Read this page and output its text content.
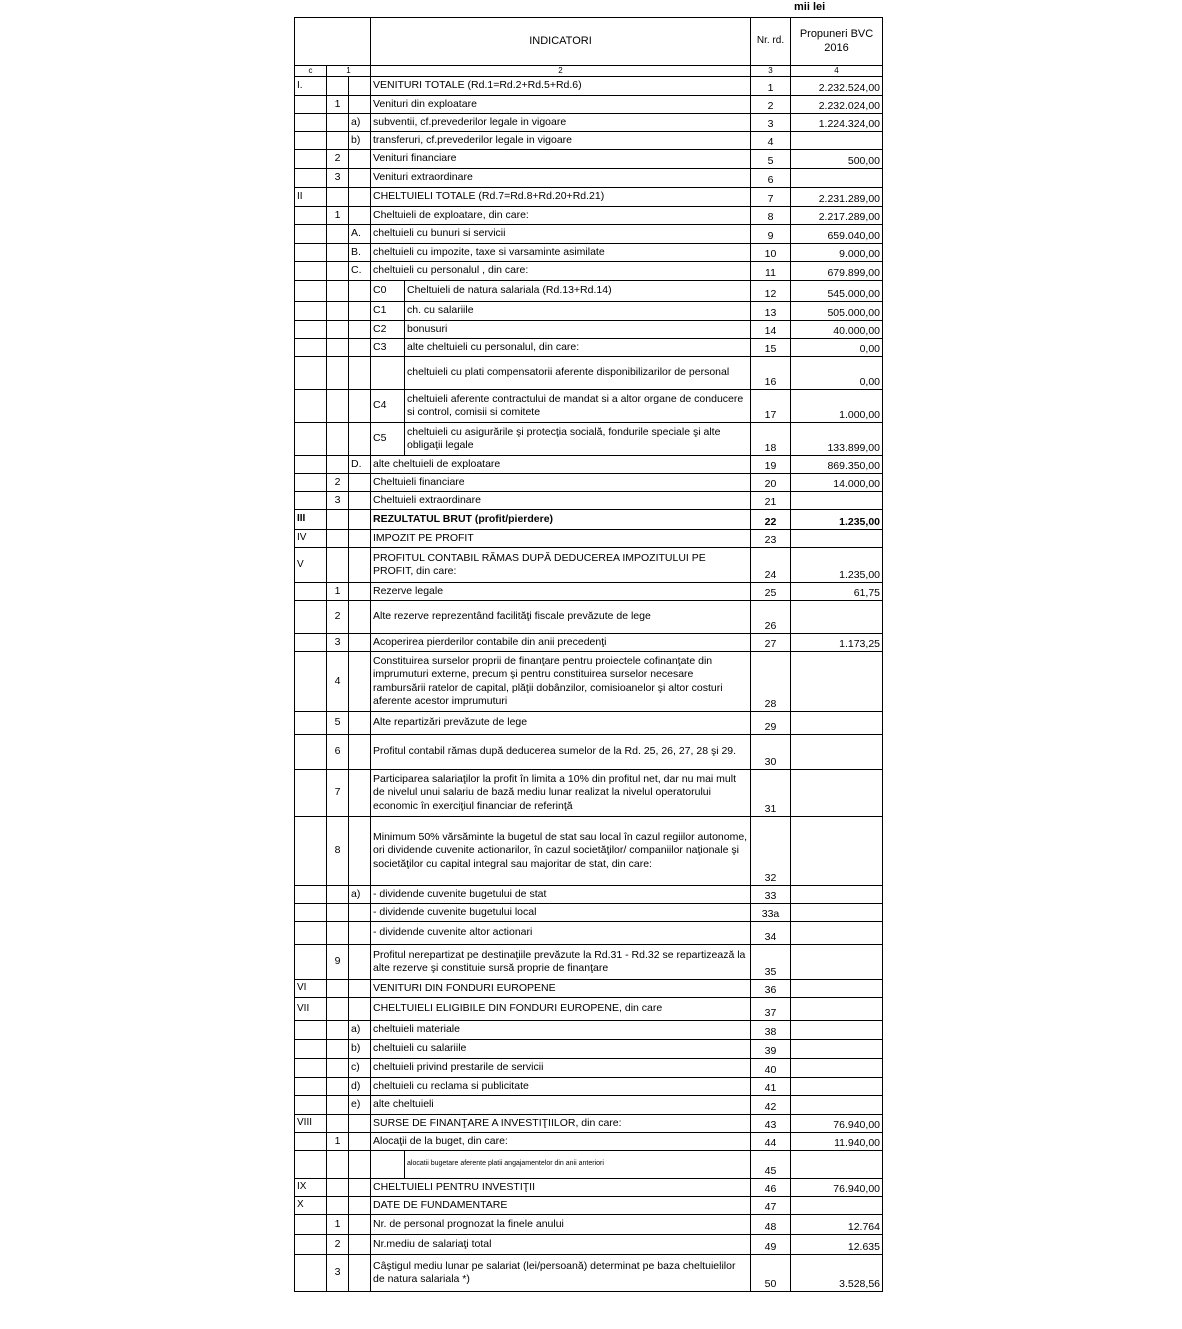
mii lei
			INDICATORI		Nr. rd.	Propuneri BVC 2016
c	1		2		3	4
I.			VENITURI TOTALE (Rd.1=Rd.2+Rd.5+Rd.6)		1	2.232.524,00
	1		Venituri din exploatare		2	2.232.024,00
		a)	subventii, cf.prevederilor legale in vigoare		3	1.224.324,00
		b)	transferuri, cf.prevederilor legale in vigoare		4	
	2		Venituri financiare		5	500,00
	3		Venituri extraordinare		6	
II			CHELTUIELI TOTALE (Rd.7=Rd.8+Rd.20+Rd.21)		7	2.231.289,00
	1		Cheltuieli de exploatare, din care:		8	2.217.289,00
		A.	cheltuieli cu bunuri si servicii		9	659.040,00
		B.	cheltuieli cu impozite, taxe si varsaminte asimilate		10	9.000,00
		C.	cheltuieli cu personalul , din care:		11	679.899,00
			C0	Cheltuieli de natura salariala (Rd.13+Rd.14)	12	545.000,00
			C1	ch. cu salariile	13	505.000,00
			C2	bonusuri	14	40.000,00
			C3	alte cheltuieli cu personalul, din care:	15	0,00
				cheltuieli cu plati compensatorii aferente disponibilizarilor de personal	16	0,00
			C4	cheltuieli aferente contractului de mandat si a altor organe de conducere si control, comisii si comitete	17	1.000,00
			C5	cheltuieli cu asigurările şi protecţia socială, fondurile speciale şi alte obligaţii legale	18	133.899,00
		D.	alte cheltuieli de exploatare		19	869.350,00
	2		Cheltuieli financiare		20	14.000,00
	3		Cheltuieli extraordinare		21	
III			REZULTATUL BRUT (profit/pierdere)		22	1.235,00
IV			IMPOZIT PE PROFIT		23	
V			PROFITUL CONTABIL RĂMAS DUPĂ DEDUCEREA IMPOZITULUI PE PROFIT, din care:		24	1.235,00
	1		Rezerve legale		25	61,75
	2		Alte rezerve reprezentând facilităţi fiscale prevăzute de lege		26	
	3		Acoperirea pierderilor contabile din anii precedenţi		27	1.173,25
	4		Constituirea surselor proprii de finanţare pentru proiectele cofinanţate din imprumuturi externe, precum şi pentru constituirea surselor necesare rambursării ratelor de capital, plăţii dobânzilor, comisioanelor şi altor costuri aferente acestor imprumuturi		28	
	5		Alte repartizări prevăzute de lege		29	
	6		Profitul contabil rămas după deducerea sumelor de la Rd. 25, 26, 27, 28 şi 29.		30	
	7		Participarea salariaţilor la profit în limita a 10% din profitul net, dar nu mai mult de nivelul unui salariu de bază mediu lunar realizat la nivelul operatorului economic în exerciţiul financiar de referinţă		31	
	8		Minimum 50% vărsăminte la bugetul de stat sau local în cazul regiilor autonome, ori dividende cuvenite actionarilor, în cazul societăţilor/ companiilor naţionale şi societăţilor cu capital integral sau majoritar de stat, din care:		32	
		a)	- dividende cuvenite bugetului de stat		33	
			- dividende cuvenite bugetului local		33a	
			- dividende cuvenite altor actionari		34	
	9		Profitul nerepartizat pe destinaţiile prevăzute la Rd.31 - Rd.32 se repartizează la alte rezerve şi constituie sursă proprie de finanţare		35	
VI			VENITURI DIN FONDURI EUROPENE		36	
VII			CHELTUIELI ELIGIBILE DIN FONDURI EUROPENE, din care		37	
		a)	cheltuieli materiale		38	
		b)	cheltuieli cu salariile		39	
		c)	cheltuieli privind prestarile de servicii		40	
		d)	cheltuieli cu reclama si publicitate		41	
		e)	alte cheltuieli		42	
VIII			SURSE DE FINANŢARE A INVESTIŢIILOR, din care:		43	76.940,00
	1		Alocaţii de la buget, din care:		44	11.940,00
				alocatii bugetare aferente platii angajamentelor din anii anteriori	45	
IX			CHELTUIELI PENTRU INVESTIŢII		46	76.940,00
X			DATE DE FUNDAMENTARE		47	
	1		Nr. de personal prognozat la finele anului		48	12.764
	2		Nr.mediu de salariaţi total		49	12.635
	3		Câştigul mediu lunar pe salariat (lei/persoană) determinat pe baza cheltuielilor de natura salariala *)		50	3.528,56
